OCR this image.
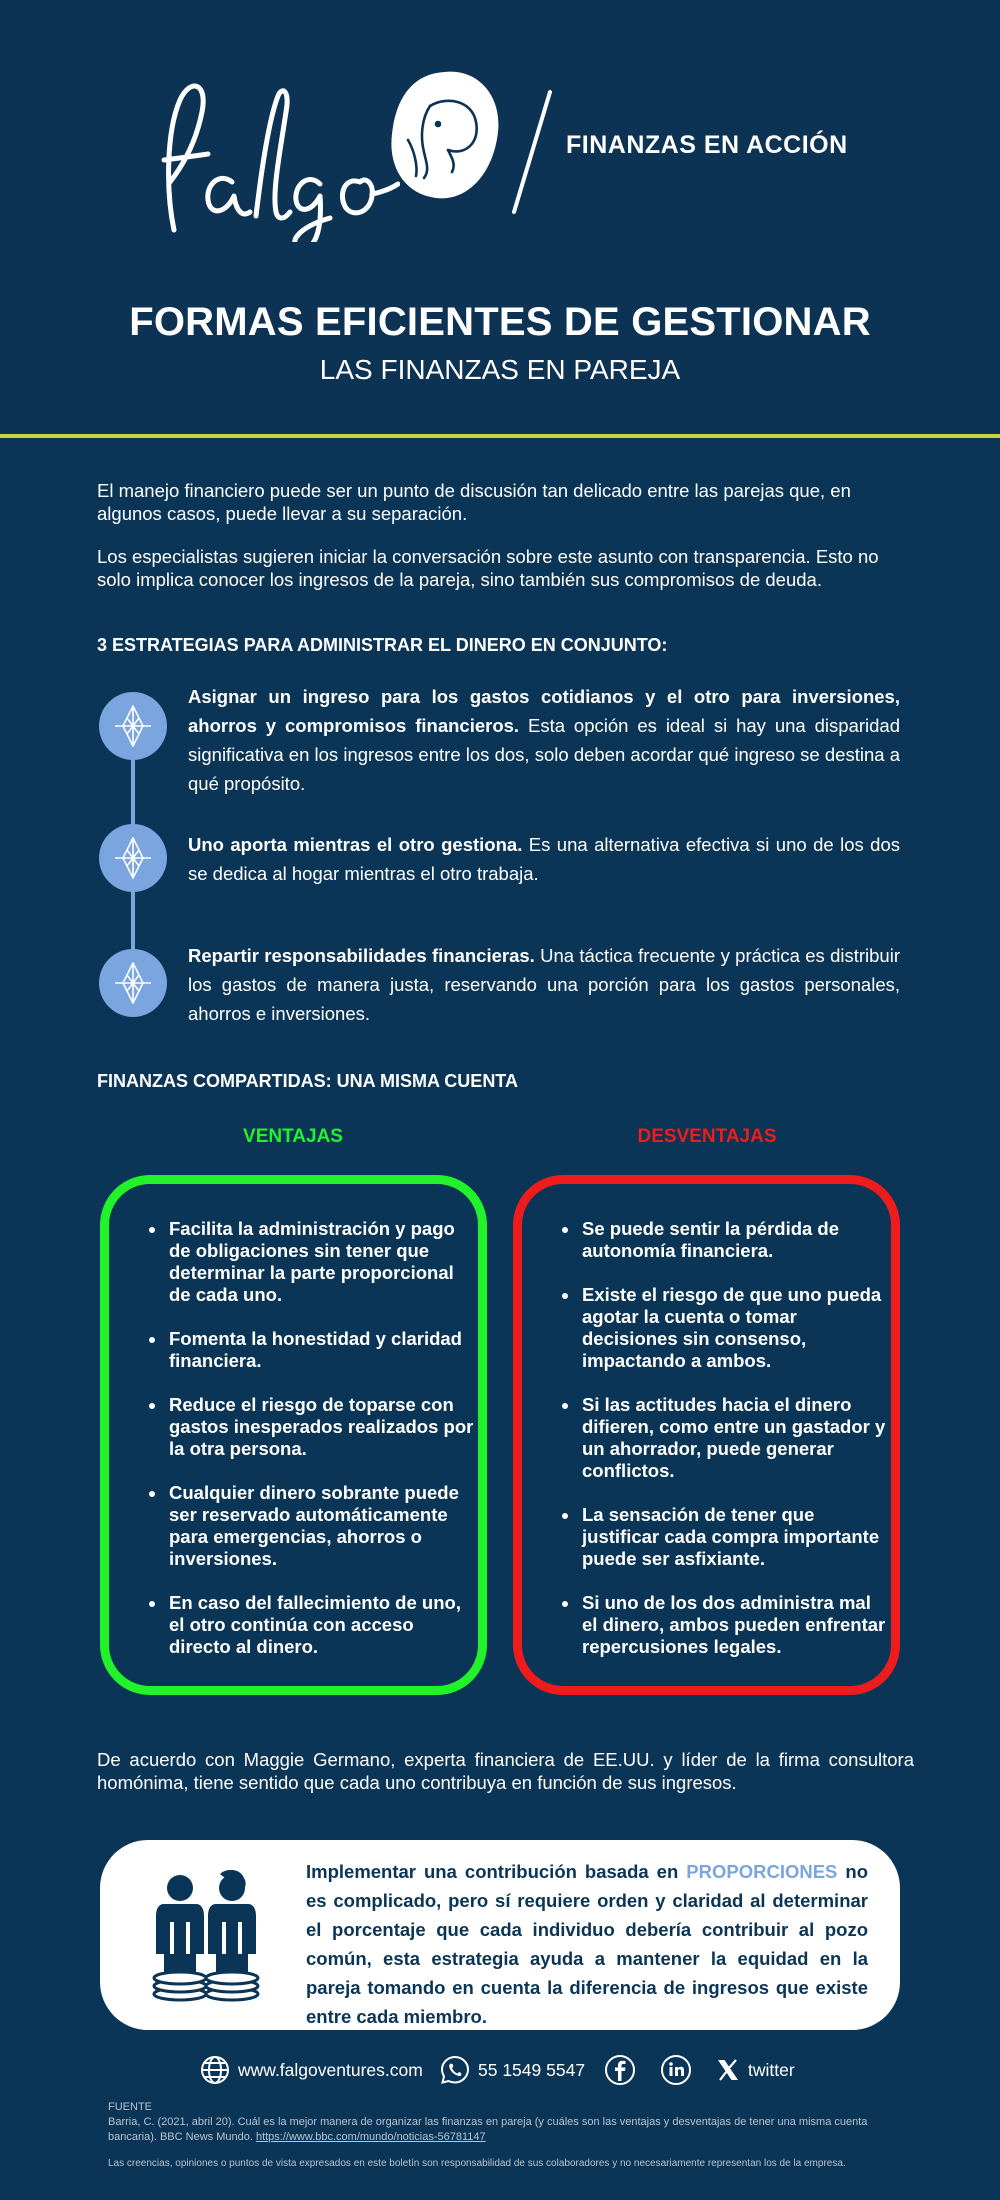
FINANZAS EN ACCIÓN
FORMAS EFICIENTES DE GESTIONAR
LAS FINANZAS EN PAREJA
El manejo financiero puede ser un punto de discusión tan delicado entre las parejas que, en algunos casos, puede llevar a su separación.
Los especialistas sugieren iniciar la conversación sobre este asunto con transparencia. Esto no solo implica conocer los ingresos de la pareja, sino también sus compromisos de deuda.
3 ESTRATEGIAS PARA ADMINISTRAR EL DINERO EN CONJUNTO:
Asignar un ingreso para los gastos cotidianos y el otro para inversiones, ahorros y compromisos financieros. Esta opción es ideal si hay una disparidad significativa en los ingresos entre los dos, solo deben acordar qué ingreso se destina a qué propósito.
Uno aporta mientras el otro gestiona. Es una alternativa efectiva si uno de los dos se dedica al hogar mientras el otro trabaja.
Repartir responsabilidades financieras. Una táctica frecuente y práctica es distribuir los gastos de manera justa, reservando una porción para los gastos personales, ahorros e inversiones.
FINANZAS COMPARTIDAS: UNA MISMA CUENTA
VENTAJAS	DESVENTAJAS
• Facilita la administración y pago de obligaciones sin tener que determinar la parte proporcional de cada uno.
• Fomenta la honestidad y claridad financiera.
• Reduce el riesgo de toparse con gastos inesperados realizados por la otra persona.
• Cualquier dinero sobrante puede ser reservado automáticamente para emergencias, ahorros o inversiones.
• En caso del fallecimiento de uno, el otro continúa con acceso directo al dinero.
• Se puede sentir la pérdida de autonomía financiera.
• Existe el riesgo de que uno pueda agotar la cuenta o tomar decisiones sin consenso, impactando a ambos.
• Si las actitudes hacia el dinero difieren, como entre un gastador y un ahorrador, puede generar conflictos.
• La sensación de tener que justificar cada compra importante puede ser asfixiante.
• Si uno de los dos administra mal el dinero, ambos pueden enfrentar repercusiones legales.
De acuerdo con Maggie Germano, experta financiera de EE.UU. y líder de la firma consultora homónima, tiene sentido que cada uno contribuya en función de sus ingresos.
Implementar una contribución basada en PROPORCIONES no es complicado, pero sí requiere orden y claridad al determinar el porcentaje que cada individuo debería contribuir al pozo común, esta estrategia ayuda a mantener la equidad en la pareja tomando en cuenta la diferencia de ingresos que existe entre cada miembro.
www.falgoventures.com	55 1549 5547	twitter
FUENTE
Barria, C. (2021, abril 20). Cuál es la mejor manera de organizar las finanzas en pareja (y cuáles son las ventajas y desventajas de tener una misma cuenta bancaria). BBC News Mundo. https://www.bbc.com/mundo/noticias-56781147
Las creencias, opiniones o puntos de vista expresados en este boletín son responsabilidad de sus colaboradores y no necesariamente representan los de la empresa.
